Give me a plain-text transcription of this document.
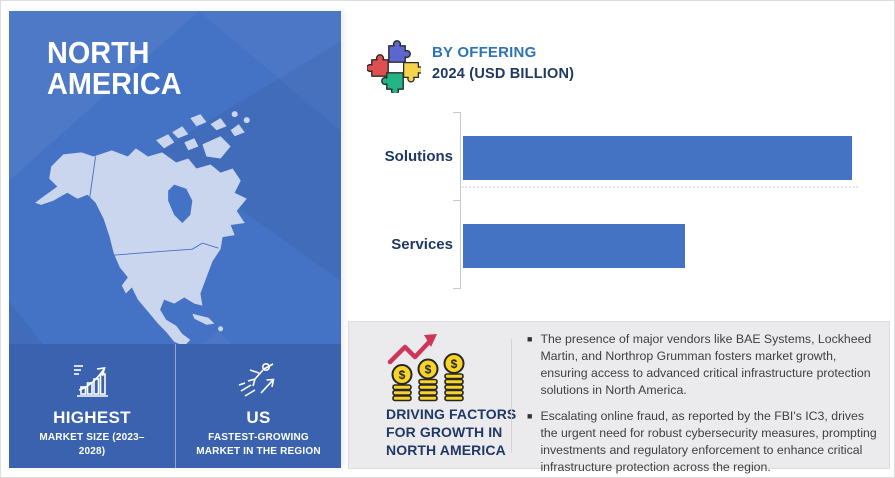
NORTH
AMERICA
HIGHEST
MARKET SIZE (2023–2028)
US
FASTEST-GROWING MARKET IN THE REGION
BY OFFERING
2024 (USD BILLION)
Solutions
Services
$ $ $
DRIVING FACTORS FOR GROWTH IN NORTH AMERICA
■ The presence of major vendors like BAE Systems, Lockheed Martin, and Northrop Grumman fosters market growth, ensuring access to advanced critical infrastructure protection solutions in North America.
■ Escalating online fraud, as reported by the FBI's IC3, drives the urgent need for robust cybersecurity measures, prompting investments and regulatory enforcement to enhance critical infrastructure protection across the region.
